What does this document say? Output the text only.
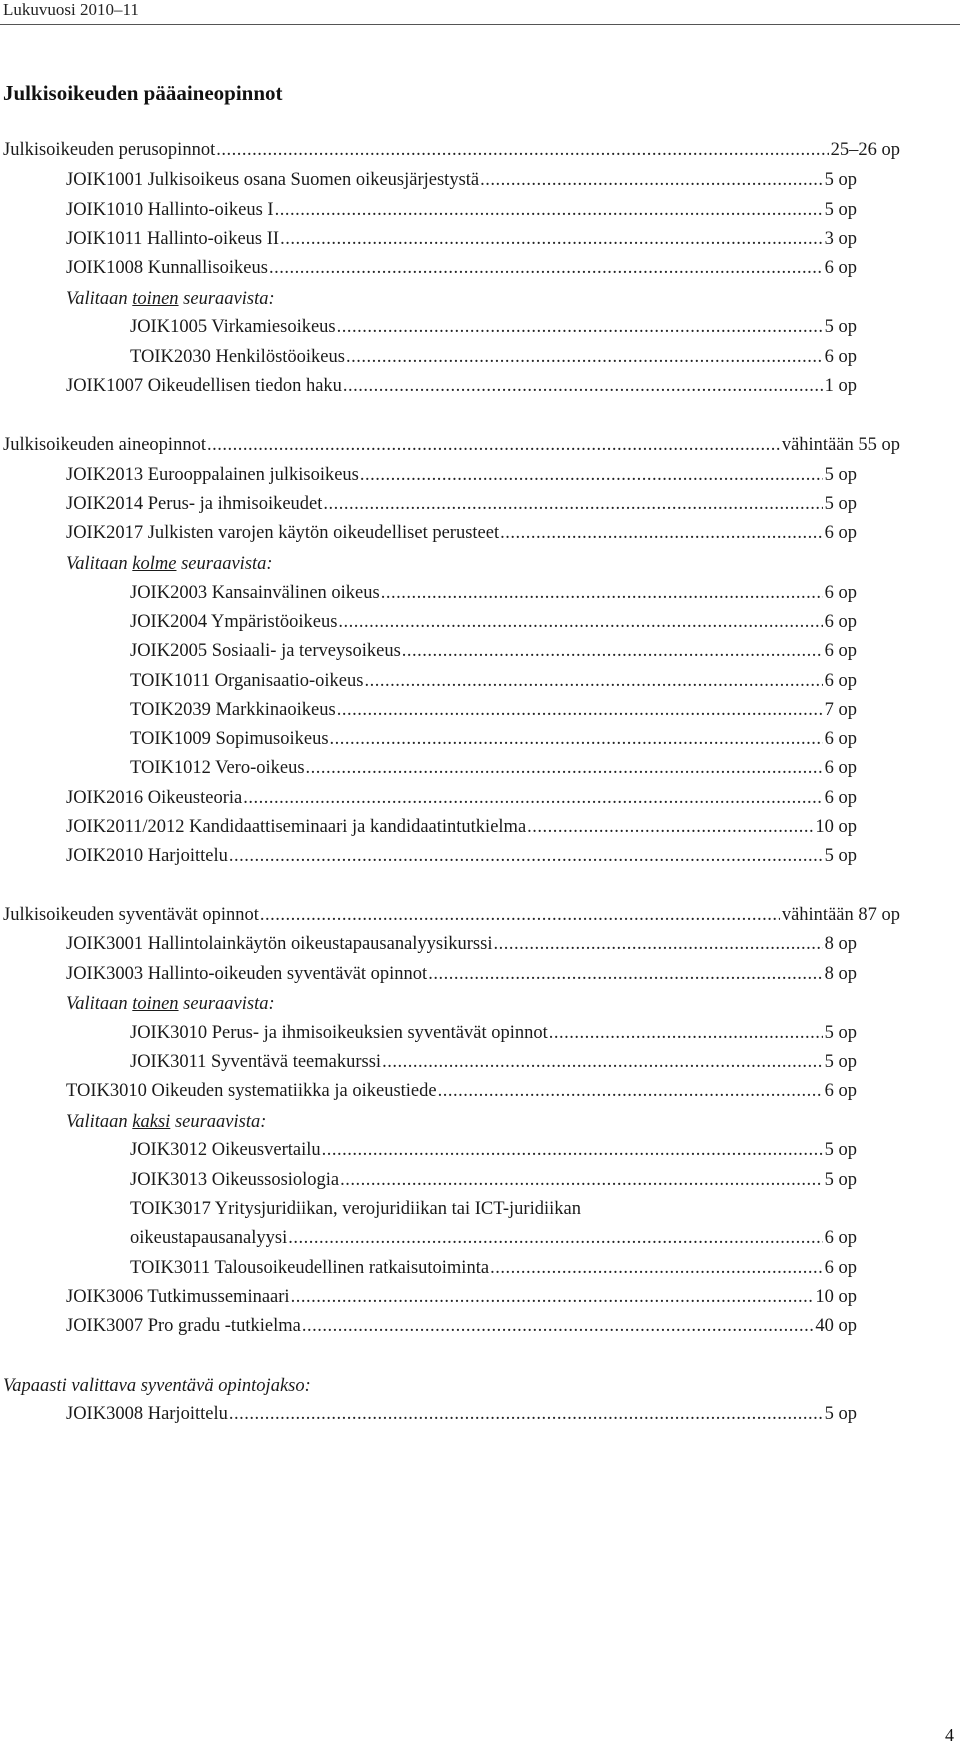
Lukuvuosi 2010–11
Julkisoikeuden pääaineopinnot
Julkisoikeuden perusopinnot .....	25–26 op
JOIK1001 Julkisoikeus osana Suomen oikeusjärjestystä .....	5 op
JOIK1010 Hallinto-oikeus I .....	5 op
JOIK1011 Hallinto-oikeus II .....	3 op
JOIK1008 Kunnallisoikeus .....	6 op
Valitaan toinen seuraavista:
JOIK1005 Virkamiesoikeus .....	5 op
TOIK2030 Henkilöstöoikeus .....	6 op
JOIK1007 Oikeudellisen tiedon haku .....	1 op
Julkisoikeuden aineopinnot .....	vähintään 55 op
JOIK2013 Eurooppalainen julkisoikeus .....	5 op
JOIK2014 Perus- ja ihmisoikeudet .....	5 op
JOIK2017 Julkisten varojen käytön oikeudelliset perusteet .....	6 op
Valitaan kolme seuraavista:
JOIK2003 Kansainvälinen oikeus .....	6 op
JOIK2004 Ympäristöoikeus .....	6 op
JOIK2005 Sosiaali- ja terveysoikeus .....	6 op
TOIK1011 Organisaatio-oikeus .....	6 op
TOIK2039 Markkinaoikeus .....	7 op
TOIK1009 Sopimusoikeus .....	6 op
TOIK1012 Vero-oikeus .....	6 op
JOIK2016 Oikeusteoria .....	6 op
JOIK2011/2012 Kandidaattiseminaari ja kandidaatintutkielma .....	10 op
JOIK2010 Harjoittelu .....	5 op
Julkisoikeuden syventävät opinnot .....	vähintään 87 op
JOIK3001 Hallintolainkäytön oikeustapausanalyysikurssi .....	8 op
JOIK3003 Hallinto-oikeuden syventävät opinnot .....	8 op
Valitaan toinen seuraavista:
JOIK3010 Perus- ja ihmisoikeuksien syventävät opinnot .....	5 op
JOIK3011 Syventävä teemakurssi .....	5 op
TOIK3010 Oikeuden systematiikka ja oikeustiede .....	6 op
Valitaan kaksi seuraavista:
JOIK3012 Oikeusvertailu .....	5 op
JOIK3013 Oikeussosiologia .....	5 op
TOIK3017 Yritysjuridiikan, verojuridiikan tai ICT-juridiikan
oikeustapausanalyysi .....	6 op
TOIK3011 Talousoikeudellinen ratkaisutoiminta .....	6 op
JOIK3006 Tutkimusseminaari .....	10 op
JOIK3007 Pro gradu -tutkielma .....	40 op
Vapaasti valittava syventävä opintojakso:
JOIK3008 Harjoittelu .....	5 op
4
